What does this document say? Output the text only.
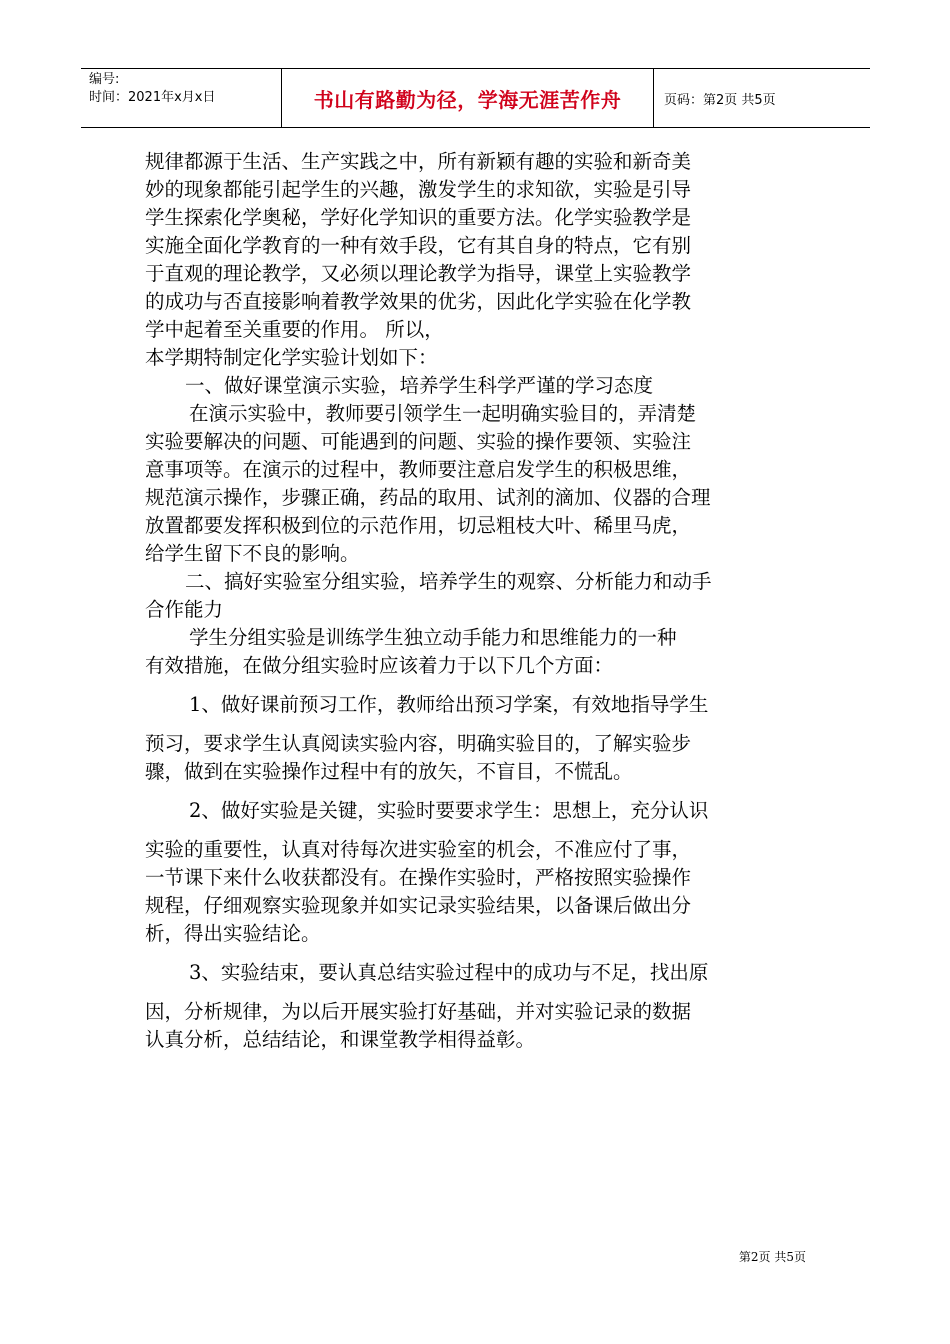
编号:
时间：2021年x月x日	书山有路勤为径，学海无涯苦作舟	页码：第2页 共5页
规律都源于生活、生产实践之中，所有新颖有趣的实验和新奇美
妙的现象都能引起学生的兴趣，激发学生的求知欲，实验是引导
学生探索化学奥秘，学好化学知识的重要方法。化学实验教学是
实施全面化学教育的一种有效手段，它有其自身的特点，它有别
于直观的理论教学，又必须以理论教学为指导，课堂上实验教学
的成功与否直接影响着教学效果的优劣，因此化学实验在化学教
学中起着至关重要的作用。 所以，
本学期特制定化学实验计划如下：
一、做好课堂演示实验，培养学生科学严谨的学习态度
在演示实验中，教师要引领学生一起明确实验目的，弄清楚
实验要解决的问题、可能遇到的问题、实验的操作要领、实验注
意事项等。在演示的过程中，教师要注意启发学生的积极思维，
规范演示操作，步骤正确，药品的取用、试剂的滴加、仪器的合理
放置都要发挥积极到位的示范作用，切忌粗枝大叶、稀里马虎，
给学生留下不良的影响。
二、搞好实验室分组实验，培养学生的观察、分析能力和动手
合作能力
学生分组实验是训练学生独立动手能力和思维能力的一种
有效措施，在做分组实验时应该着力于以下几个方面：
1、做好课前预习工作，教师给出预习学案，有效地指导学生
预习，要求学生认真阅读实验内容，明确实验目的，了解实验步
骤，做到在实验操作过程中有的放矢，不盲目，不慌乱。
2、做好实验是关键，实验时要要求学生：思想上，充分认识
实验的重要性，认真对待每次进实验室的机会，不准应付了事，
一节课下来什么收获都没有。在操作实验时，严格按照实验操作
规程，仔细观察实验现象并如实记录实验结果，以备课后做出分
析，得出实验结论。
3、实验结束，要认真总结实验过程中的成功与不足，找出原
因，分析规律，为以后开展实验打好基础，并对实验记录的数据
认真分析，总结结论，和课堂教学相得益彰。
第2页 共5页
